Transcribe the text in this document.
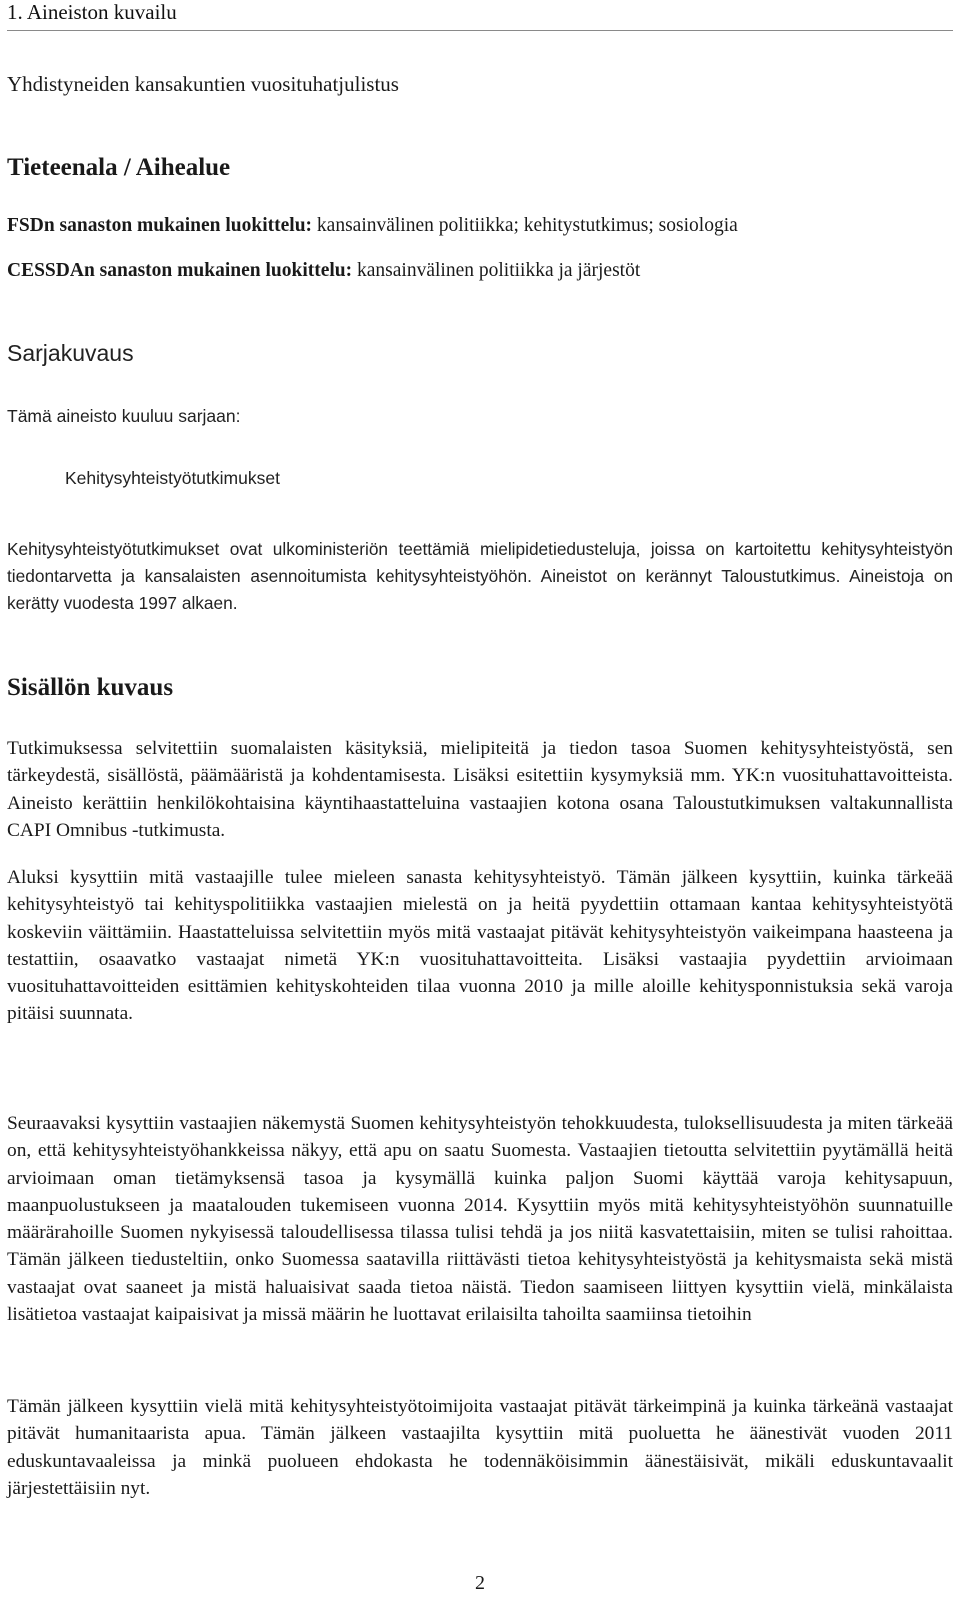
1. Aineiston kuvailu
Yhdistyneiden kansakuntien vuosituhatjulistus
Tieteenala / Aihealue
FSDn sanaston mukainen luokittelu: kansainvälinen politiikka; kehitystutkimus; sosiologia
CESSDAn sanaston mukainen luokittelu: kansainvälinen politiikka ja järjestöt
Sarjakuvaus
Tämä aineisto kuuluu sarjaan:
Kehitysyhteistyötutkimukset
Kehitysyhteistyötutkimukset ovat ulkoministeriön teettämiä mielipidetiedusteluja, joissa on kartoitettu kehitysyhteistyön tiedontarvetta ja kansalaisten asennoitumista kehitysyhteistyöhön. Aineistot on kerännyt Taloustutkimus. Aineistoja on kerätty vuodesta 1997 alkaen.
Sisällön kuvaus
Tutkimuksessa selvitettiin suomalaisten käsityksiä, mielipiteitä ja tiedon tasoa Suomen kehitysyhteistyöstä, sen tärkeydestä, sisällöstä, päämääristä ja kohdentamisesta. Lisäksi esitettiin kysymyksiä mm. YK:n vuosituhattavoitteista. Aineisto kerättiin henkilökohtaisina käyntihaastatteluina vastaajien kotona osana Taloustutkimuksen valtakunnallista CAPI Omnibus -tutkimusta.
Aluksi kysyttiin mitä vastaajille tulee mieleen sanasta kehitysyhteistyö. Tämän jälkeen kysyttiin, kuinka tärkeää kehitysyhteistyö tai kehityspolitiikka vastaajien mielestä on ja heitä pyydettiin ottamaan kantaa kehitysyhteistyötä koskeviin väittämiin. Haastatteluissa selvitettiin myös mitä vastaajat pitävät kehitysyhteistyön vaikeimpana haasteena ja testattiin, osaavatko vastaajat nimetä YK:n vuosituhattavoitteita. Lisäksi vastaajia pyydettiin arvioimaan vuosituhattavoitteiden esittämien kehityskohteiden tilaa vuonna 2010 ja mille aloille kehitysponnistuksia sekä varoja pitäisi suunnata.
Seuraavaksi kysyttiin vastaajien näkemystä Suomen kehitysyhteistyön tehokkuudesta, tuloksellisuudesta ja miten tärkeää on, että kehitysyhteistyöhankkeissa näkyy, että apu on saatu Suomesta. Vastaajien tietoutta selvitettiin pyytämällä heitä arvioimaan oman tietämyksensä tasoa ja kysymällä kuinka paljon Suomi käyttää varoja kehitysapuun, maanpuolustukseen ja maatalouden tukemiseen vuonna 2014. Kysyttiin myös mitä kehitysyhteistyöhön suunnatuille määrärahoille Suomen nykyisessä taloudellisessa tilassa tulisi tehdä ja jos niitä kasvatettaisiin, miten se tulisi rahoittaa. Tämän jälkeen tiedusteltiin, onko Suomessa saatavilla riittävästi tietoa kehitysyhteistyöstä ja kehitysmaista sekä mistä vastaajat ovat saaneet ja mistä haluaisivat saada tietoa näistä. Tiedon saamiseen liittyen kysyttiin vielä, minkälaista lisätietoa vastaajat kaipaisivat ja missä määrin he luottavat erilaisilta tahoilta saamiinsa tietoihin
Tämän jälkeen kysyttiin vielä mitä kehitysyhteistyötoimijoita vastaajat pitävät tärkeimpinä ja kuinka tärkeänä vastaajat pitävät humanitaarista apua. Tämän jälkeen vastaajilta kysyttiin mitä puoluetta he äänestivät vuoden 2011 eduskuntavaaleissa ja minkä puolueen ehdokasta he todennäköisimmin äänestäisivät, mikäli eduskuntavaalit järjestettäisiin nyt.
2
